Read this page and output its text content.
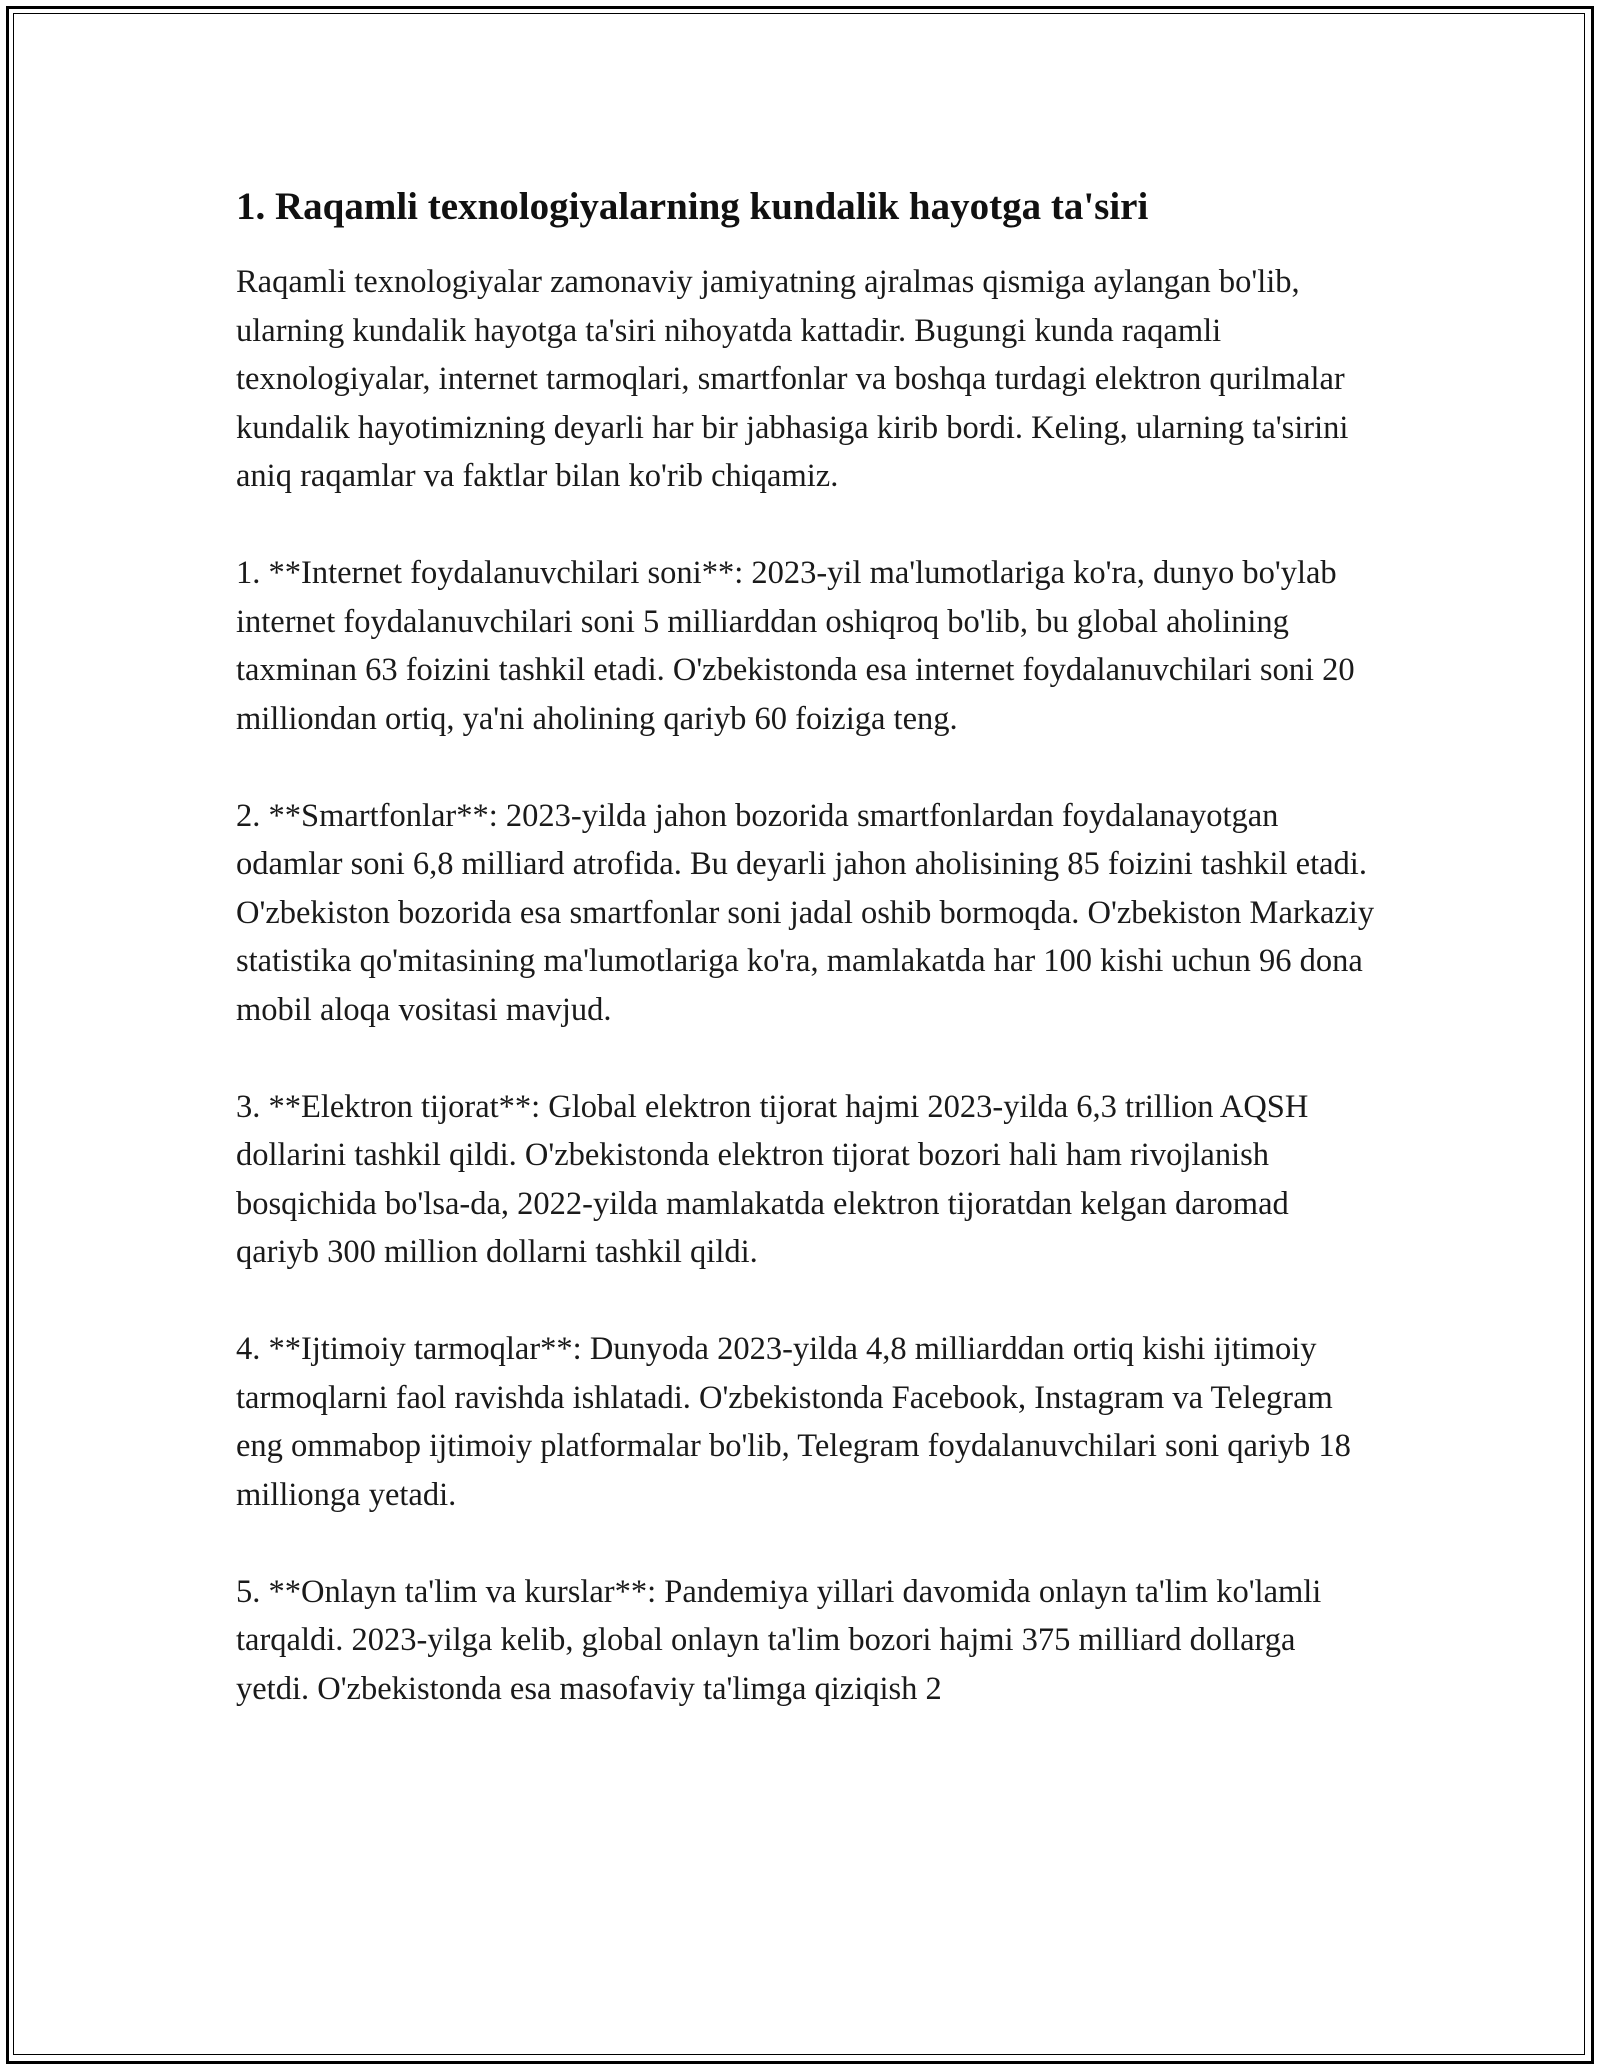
1. Raqamli texnologiyalarning kundalik hayotga ta'siri

Raqamli texnologiyalar zamonaviy jamiyatning ajralmas qismiga aylangan bo'lib, ularning kundalik hayotga ta'siri nihoyatda kattadir. Bugungi kunda raqamli texnologiyalar, internet tarmoqlari, smartfonlar va boshqa turdagi elektron qurilmalar kundalik hayotimizning deyarli har bir jabhasiga kirib bordi. Keling, ularning ta'sirini aniq raqamlar va faktlar bilan ko'rib chiqamiz.

1. **Internet foydalanuvchilari soni**: 2023-yil ma'lumotlariga ko'ra, dunyo bo'ylab internet foydalanuvchilari soni 5 milliarddan oshiqroq bo'lib, bu global aholining taxminan 63 foizini tashkil etadi. O'zbekistonda esa internet foydalanuvchilari soni 20 milliondan ortiq, ya'ni aholining qariyb 60 foiziga teng.

2. **Smartfonlar**: 2023-yilda jahon bozorida smartfonlardan foydalanayotgan odamlar soni 6,8 milliard atrofida. Bu deyarli jahon aholisining 85 foizini tashkil etadi. O'zbekiston bozorida esa smartfonlar soni jadal oshib bormoqda. O'zbekiston Markaziy statistika qo'mitasining ma'lumotlariga ko'ra, mamlakatda har 100 kishi uchun 96 dona mobil aloqa vositasi mavjud.

3. **Elektron tijorat**: Global elektron tijorat hajmi 2023-yilda 6,3 trillion AQSH dollarini tashkil qildi. O'zbekistonda elektron tijorat bozori hali ham rivojlanish bosqichida bo'lsa-da, 2022-yilda mamlakatda elektron tijoratdan kelgan daromad qariyb 300 million dollarni tashkil qildi.

4. **Ijtimoiy tarmoqlar**: Dunyoda 2023-yilda 4,8 milliarddan ortiq kishi ijtimoiy tarmoqlarni faol ravishda ishlatadi. O'zbekistonda Facebook, Instagram va Telegram eng ommabop ijtimoiy platformalar bo'lib, Telegram foydalanuvchilari soni qariyb 18 millionga yetadi.

5. **Onlayn ta'lim va kurslar**: Pandemiya yillari davomida onlayn ta'lim ko'lamli tarqaldi. 2023-yilga kelib, global onlayn ta'lim bozori hajmi 375 milliard dollarga yetdi. O'zbekistonda esa masofaviy ta'limga qiziqish 2
